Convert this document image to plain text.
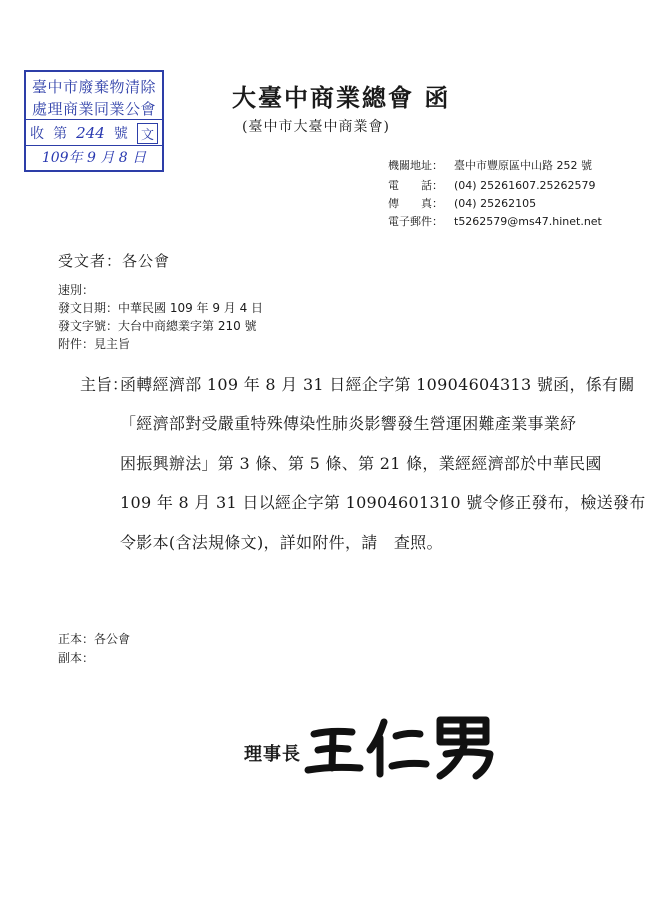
臺中市廢棄物清除
處理商業同業公會
收 第 244 號	文
109年 9 月 8 日
大臺中商業總會 函
(臺中市大臺中商業會)
機關地址： 臺中市豐原區中山路 252 號
電　　話： (04) 25261607.25262579
傳　　真： (04) 25262105
電子郵件： t5262579@ms47.hinet.net
受文者：各公會
速別：
發文日期：中華民國 109 年 9 月 4 日
發文字號：大台中商總業字第 210 號
附件：見主旨
主旨：
函轉經濟部 109 年 8 月 31 日經企字第 10904604313 號函，係有關
「經濟部對受嚴重特殊傳染性肺炎影響發生營運困難產業事業紓
困振興辦法」第 3 條、第 5 條、第 21 條，業經經濟部於中華民國
109 年 8 月 31 日以經企字第 10904601310 號令修正發布，檢送發布
令影本(含法規條文)，詳如附件，請　查照。
正本：各公會
副本：
理事長
